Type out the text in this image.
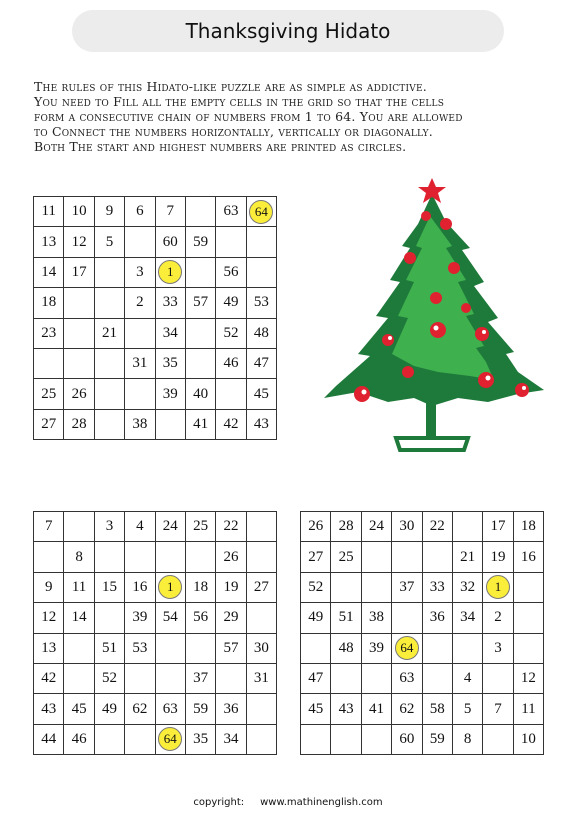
Thanksgiving Hidato
The rules of this Hidato-like puzzle are as simple as addictive.
You need to Fill all the empty cells in the grid so that the cells
form a consecutive chain of numbers from 1 to 64. You are allowed
to Connect the numbers horizontally, vertically or diagonally.
Both The start and highest numbers are printed as circles.
11	10	9	6	7		63	64
13	12	5		60	59		
14	17		3	1		56	
18			2	33	57	49	53
23		21		34		52	48
			31	35		46	47
25	26			39	40		45
27	28		38		41	42	43
7		3	4	24	25	22	
	8					26	
9	11	15	16	1	18	19	27
12	14		39	54	56	29	
13		51	53			57	30
42		52			37		31
43	45	49	62	63	59	36	
44	46			64	35	34	
26	28	24	30	22		17	18
27	25				21	19	16
52			37	33	32	1	
49	51	38		36	34	2	
	48	39	64			3	
47			63		4		12
45	43	41	62	58	5	7	11
			60	59	8		10
copyright: www.mathinenglish.com
